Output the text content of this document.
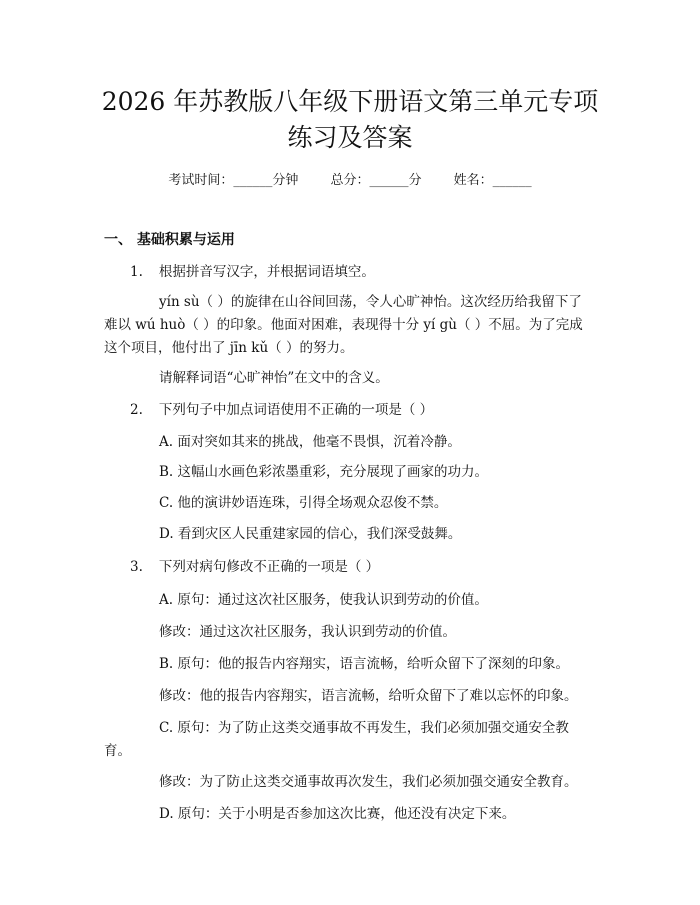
2026 年苏教版八年级下册语文第三单元专项
练习及答案
考试时间：______分钟 总分：______分 姓名：______
一、 基础积累与运用
1. 根据拼音写汉字，并根据词语填空。
yín sù（ ）的旋律在山谷间回荡，令人心旷神怡。这次经历给我留下了
难以 wú huò（ ）的印象。他面对困难，表现得十分 yí gù（ ）不屈。为了完成
这个项目，他付出了 jīn kǔ（ ）的努力。
请解释词语“心旷神怡”在文中的含义。
2. 下列句子中加点词语使用不正确的一项是（ ）
A. 面对突如其来的挑战，他毫不畏惧，沉着冷静。
B. 这幅山水画色彩浓墨重彩，充分展现了画家的功力。
C. 他的演讲妙语连珠，引得全场观众忍俊不禁。
D. 看到灾区人民重建家园的信心，我们深受鼓舞。
3. 下列对病句修改不正确的一项是（ ）
A. 原句：通过这次社区服务，使我认识到劳动的价值。
修改：通过这次社区服务，我认识到劳动的价值。
B. 原句：他的报告内容翔实，语言流畅，给听众留下了深刻的印象。
修改：他的报告内容翔实，语言流畅，给听众留下了难以忘怀的印象。
C. 原句：为了防止这类交通事故不再发生，我们必须加强交通安全教
育。
修改：为了防止这类交通事故再次发生，我们必须加强交通安全教育。
D. 原句：关于小明是否参加这次比赛，他还没有决定下来。
